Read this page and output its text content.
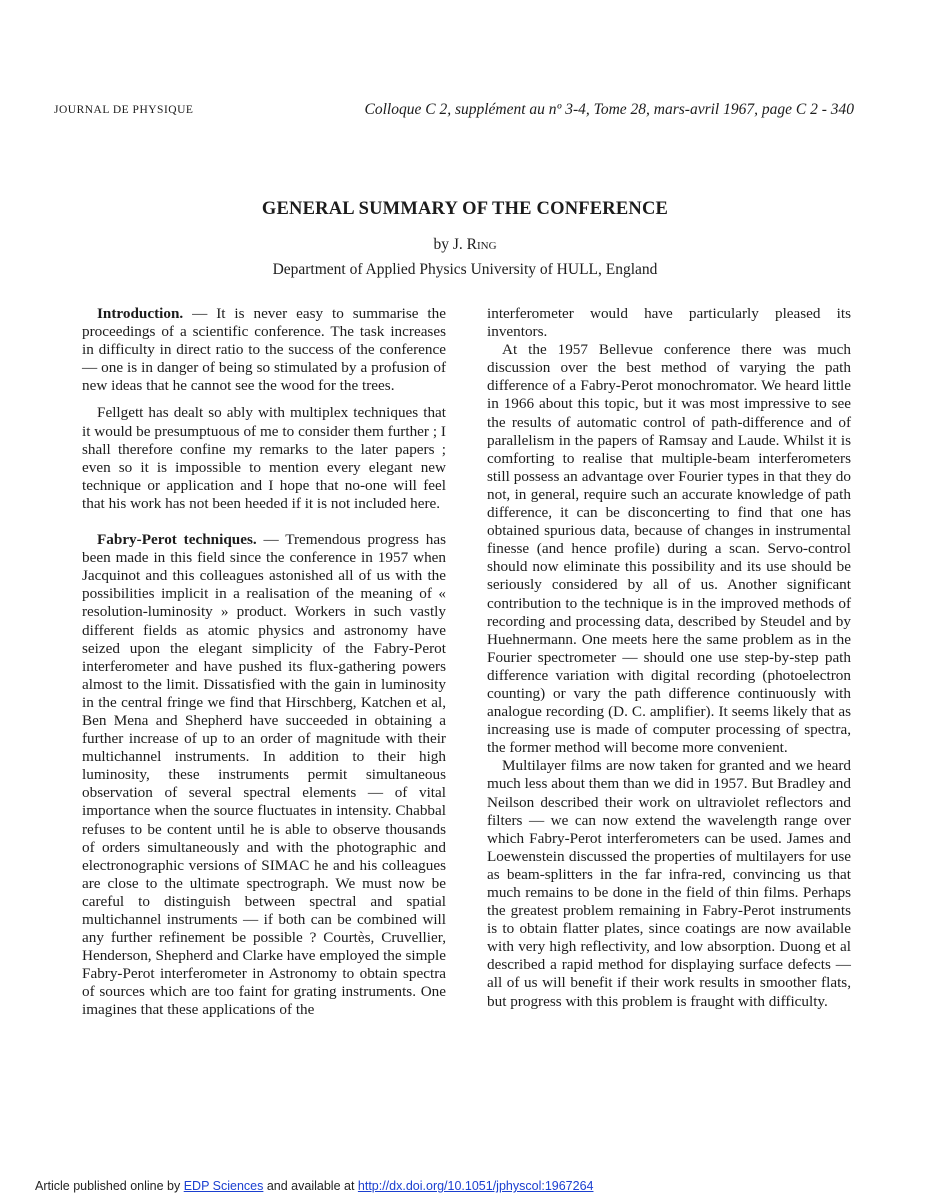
JOURNAL DE PHYSIQUE	Colloque C 2, supplément au nº 3-4, Tome 28, mars-avril 1967, page C 2 - 340
GENERAL SUMMARY OF THE CONFERENCE
by J. Ring
Department of Applied Physics University of HULL, England

Introduction. — It is never easy to summarise the proceedings of a scientific conference. The task increases in difficulty in direct ratio to the success of the conference — one is in danger of being so stimulated by a profusion of new ideas that he cannot see the wood for the trees.

Fellgett has dealt so ably with multiplex techniques that it would be presumptuous of me to consider them further ; I shall therefore confine my remarks to the later papers ; even so it is impossible to mention every elegant new technique or application and I hope that no-one will feel that his work has not been heeded if it is not included here.

Fabry-Perot techniques. — Tremendous progress has been made in this field since the conference in 1957 when Jacquinot and this colleagues astonished all of us with the possibilities implicit in a realisation of the meaning of « resolution-luminosity » product. Workers in such vastly different fields as atomic physics and astronomy have seized upon the elegant simplicity of the Fabry-Perot interferometer and have pushed its flux-gathering powers almost to the limit. Dissatisfied with the gain in luminosity in the central fringe we find that Hirschberg, Katchen et al, Ben Mena and Shepherd have succeeded in obtaining a further increase of up to an order of magnitude with their multichannel instruments. In addition to their high luminosity, these instruments permit simultaneous observation of several spectral elements — of vital importance when the source fluctuates in intensity. Chabbal refuses to be content until he is able to observe thousands of orders simultaneously and with the photographic and electronographic versions of SIMAC he and his colleagues are close to the ultimate spectrograph. We must now be careful to distinguish between spectral and spatial multichannel instruments — if both can be combined will any further refinement be possible ? Courtès, Cruvellier, Henderson, Shepherd and Clarke have employed the simple Fabry-Perot interferometer in Astronomy to obtain spectra of sources which are too faint for grating instruments. One imagines that these applications of the

interferometer would have particularly pleased its inventors.

At the 1957 Bellevue conference there was much discussion over the best method of varying the path difference of a Fabry-Perot monochromator. We heard little in 1966 about this topic, but it was most impressive to see the results of automatic control of path-difference and of parallelism in the papers of Ramsay and Laude. Whilst it is comforting to realise that multiple-beam interferometers still possess an advantage over Fourier types in that they do not, in general, require such an accurate knowledge of path difference, it can be disconcerting to find that one has obtained spurious data, because of changes in instrumental finesse (and hence profile) during a scan. Servo-control should now eliminate this possibility and its use should be seriously considered by all of us. Another significant contribution to the technique is in the improved methods of recording and processing data, described by Steudel and by Huehnermann. One meets here the same problem as in the Fourier spectrometer — should one use step-by-step path difference variation with digital recording (photoelectron counting) or vary the path difference continuously with analogue recording (D. C. amplifier). It seems likely that as increasing use is made of computer processing of spectra, the former method will become more convenient.

Multilayer films are now taken for granted and we heard much less about them than we did in 1957. But Bradley and Neilson described their work on ultraviolet reflectors and filters — we can now extend the wavelength range over which Fabry-Perot interferometers can be used. James and Loewenstein discussed the properties of multilayers for use as beam-splitters in the far infra-red, convincing us that much remains to be done in the field of thin films. Perhaps the greatest problem remaining in Fabry-Perot instruments is to obtain flatter plates, since coatings are now available with very high reflectivity, and low absorption. Duong et al described a rapid method for displaying surface defects — all of us will benefit if their work results in smoother flats, but progress with this problem is fraught with difficulty.

Article published online by EDP Sciences and available at http://dx.doi.org/10.1051/jphyscol:1967264
